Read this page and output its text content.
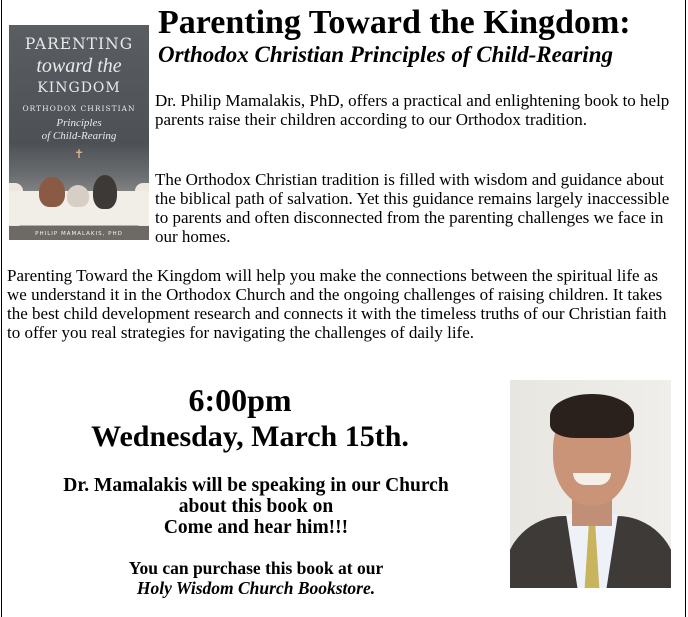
PARENTING
toward the
KINGDOM
ORTHODOX CHRISTIAN
Principles
of Child-Rearing
✝
PHILIP MAMALAKIS, PHD
Parenting Toward the Kingdom:
Orthodox Christian Principles of Child-Rearing

Dr. Philip Mamalakis, PhD, offers a practical and enlightening book to help parents raise their children according to our Orthodox tradition.

The Orthodox Christian tradition is filled with wisdom and guidance about the biblical path of salvation. Yet this guidance remains largely inaccessible to parents and often disconnected from the parenting challenges we face in our homes.

Parenting Toward the Kingdom will help you make the connections between the spiritual life as we understand it in the Orthodox Church and the ongoing challenges of raising children. It takes the best child development research and connects it with the timeless truths of our Christian faith to offer you real strategies for navigating the challenges of daily life.

6:00pm
Wednesday, March 15th.
Dr. Mamalakis will be speaking in our Church
about this book on
Come and hear him!!!
You can purchase this book at our
Holy Wisdom Church Bookstore.
